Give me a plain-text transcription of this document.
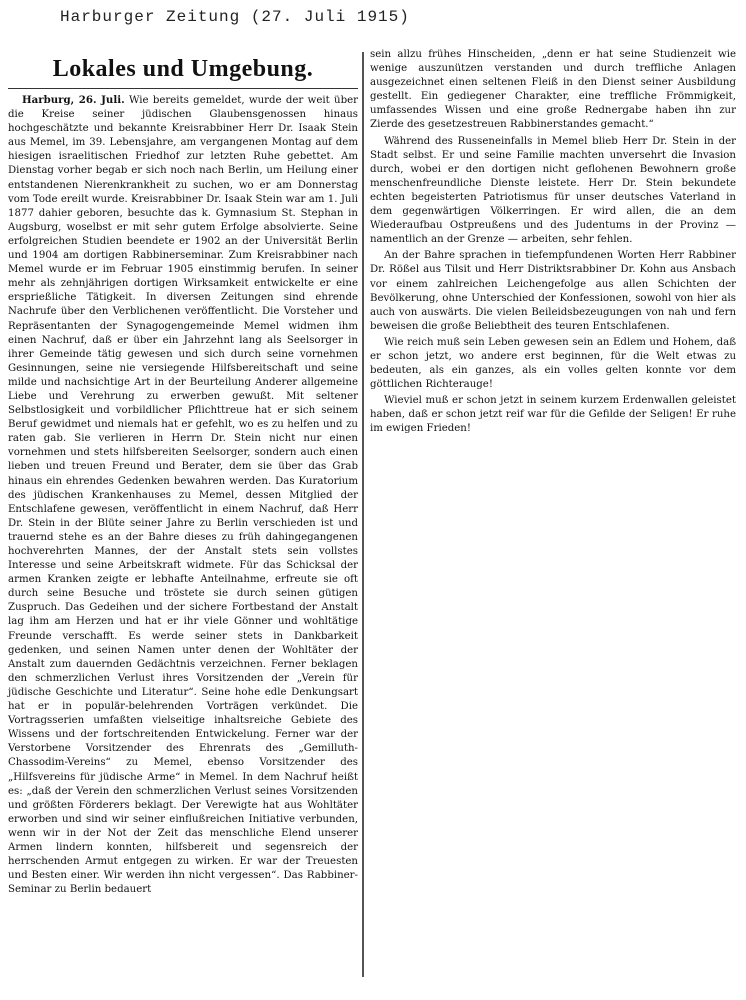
Harburger Zeitung (27. Juli 1915)
Lokales und Umgebung.

Harburg, 26. Juli. Wie bereits gemeldet, wurde der weit über die Kreise seiner jüdischen Glaubensgenossen hinaus hochgeschätzte und bekannte Kreisrabbiner Herr Dr. Isaak Stein aus Memel, im 39. Lebensjahre, am vergangenen Montag auf dem hiesigen israelitischen Friedhof zur letzten Ruhe gebettet. Am Dienstag vorher begab er sich noch nach Berlin, um Heilung einer entstandenen Nierenkrankheit zu suchen, wo er am Donnerstag vom Tode ereilt wurde. Kreisrabbiner Dr. Isaak Stein war am 1. Juli 1877 dahier geboren, besuchte das k. Gymnasium St. Stephan in Augsburg, woselbst er mit sehr gutem Erfolge absolvierte. Seine erfolgreichen Studien beendete er 1902 an der Universität Berlin und 1904 am dortigen Rabbinerseminar. Zum Kreisrabbiner nach Memel wurde er im Februar 1905 einstimmig berufen. In seiner mehr als zehnjährigen dortigen Wirksamkeit entwickelte er eine ersprießliche Tätigkeit. In diversen Zeitungen sind ehrende Nachrufe über den Verblichenen veröffentlicht. Die Vorsteher und Repräsentanten der Synagogengemeinde Memel widmen ihm einen Nachruf, daß er über ein Jahrzehnt lang als Seelsorger in ihrer Gemeinde tätig gewesen und sich durch seine vornehmen Gesinnungen, seine nie versiegende Hilfsbereitschaft und seine milde und nachsichtige Art in der Beurteilung Anderer allgemeine Liebe und Verehrung zu erwerben gewußt. Mit seltener Selbstlosigkeit und vorbildlicher Pflichttreue hat er sich seinem Beruf gewidmet und niemals hat er gefehlt, wo es zu helfen und zu raten gab. Sie verlieren in Herrn Dr. Stein nicht nur einen vornehmen und stets hilfsbereiten Seelsorger, sondern auch einen lieben und treuen Freund und Berater, dem sie über das Grab hinaus ein ehrendes Gedenken bewahren werden. Das Kuratorium des jüdischen Krankenhauses zu Memel, dessen Mitglied der Entschlafene gewesen, veröffentlicht in einem Nachruf, daß Herr Dr. Stein in der Blüte seiner Jahre zu Berlin verschieden ist und trauernd stehe es an der Bahre dieses zu früh dahingegangenen hochverehrten Mannes, der der Anstalt stets sein vollstes Interesse und seine Arbeitskraft widmete. Für das Schicksal der armen Kranken zeigte er lebhafte Anteilnahme, erfreute sie oft durch seine Besuche und tröstete sie durch seinen gütigen Zuspruch. Das Gedeihen und der sichere Fortbestand der Anstalt lag ihm am Herzen und hat er ihr viele Gönner und wohltätige Freunde verschafft. Es werde seiner stets in Dankbarkeit gedenken, und seinen Namen unter denen der Wohltäter der Anstalt zum dauernden Gedächtnis verzeichnen. Ferner beklagen den schmerzlichen Verlust ihres Vorsitzenden der „Verein für jüdische Geschichte und Literatur“. Seine hohe edle Denkungsart hat er in populär-belehrenden Vorträgen verkündet. Die Vortragsserien umfaßten vielseitige inhaltsreiche Gebiete des Wissens und der fortschreitenden Entwickelung. Ferner war der Verstorbene Vorsitzender des Ehrenrats des „Gemilluth-Chassodim-Vereins“ zu Memel, ebenso Vorsitzender des „Hilfsvereins für jüdische Arme“ in Memel. In dem Nachruf heißt es: „daß der Verein den schmerzlichen Verlust seines Vorsitzenden und größten Förderers beklagt. Der Verewigte hat aus Wohltäter erworben und sind wir seiner einflußreichen Initiative verbunden, wenn wir in der Not der Zeit das menschliche Elend unserer Armen lindern konnten, hilfsbereit und segensreich der herrschenden Armut entgegen zu wirken. Er war der Treuesten und Besten einer. Wir werden ihn nicht vergessen“. Das Rabbiner-Seminar zu Berlin bedauert

sein allzu frühes Hinscheiden, „denn er hat seine Studienzeit wie wenige auszunützen verstanden und durch treffliche Anlagen ausgezeichnet einen seltenen Fleiß in den Dienst seiner Ausbildung gestellt. Ein gediegener Charakter, eine treffliche Frömmigkeit, umfassendes Wissen und eine große Rednergabe haben ihn zur Zierde des gesetzestreuen Rabbinerstandes gemacht.“

Während des Russeneinfalls in Memel blieb Herr Dr. Stein in der Stadt selbst. Er und seine Familie machten unversehrt die Invasion durch, wobei er den dortigen nicht geflohenen Bewohnern große menschenfreundliche Dienste leistete. Herr Dr. Stein bekundete echten begeisterten Patriotismus für unser deutsches Vaterland in dem gegenwärtigen Völkerringen. Er wird allen, die an dem Wiederaufbau Ostpreußens und des Judentums in der Provinz — namentlich an der Grenze — arbeiten, sehr fehlen.

An der Bahre sprachen in tiefempfundenen Worten Herr Rabbiner Dr. Rößel aus Tilsit und Herr Distriktsrabbiner Dr. Kohn aus Ansbach vor einem zahlreichen Leichengefolge aus allen Schichten der Bevölkerung, ohne Unterschied der Konfessionen, sowohl von hier als auch von auswärts. Die vielen Beileidsbezeugungen von nah und fern beweisen die große Beliebtheit des teuren Entschlafenen.

Wie reich muß sein Leben gewesen sein an Edlem und Hohem, daß er schon jetzt, wo andere erst beginnen, für die Welt etwas zu bedeuten, als ein ganzes, als ein volles gelten konnte vor dem göttlichen Richterauge!

Wieviel muß er schon jetzt in seinem kurzem Erdenwallen geleistet haben, daß er schon jetzt reif war für die Gefilde der Seligen! Er ruhe im ewigen Frieden!
